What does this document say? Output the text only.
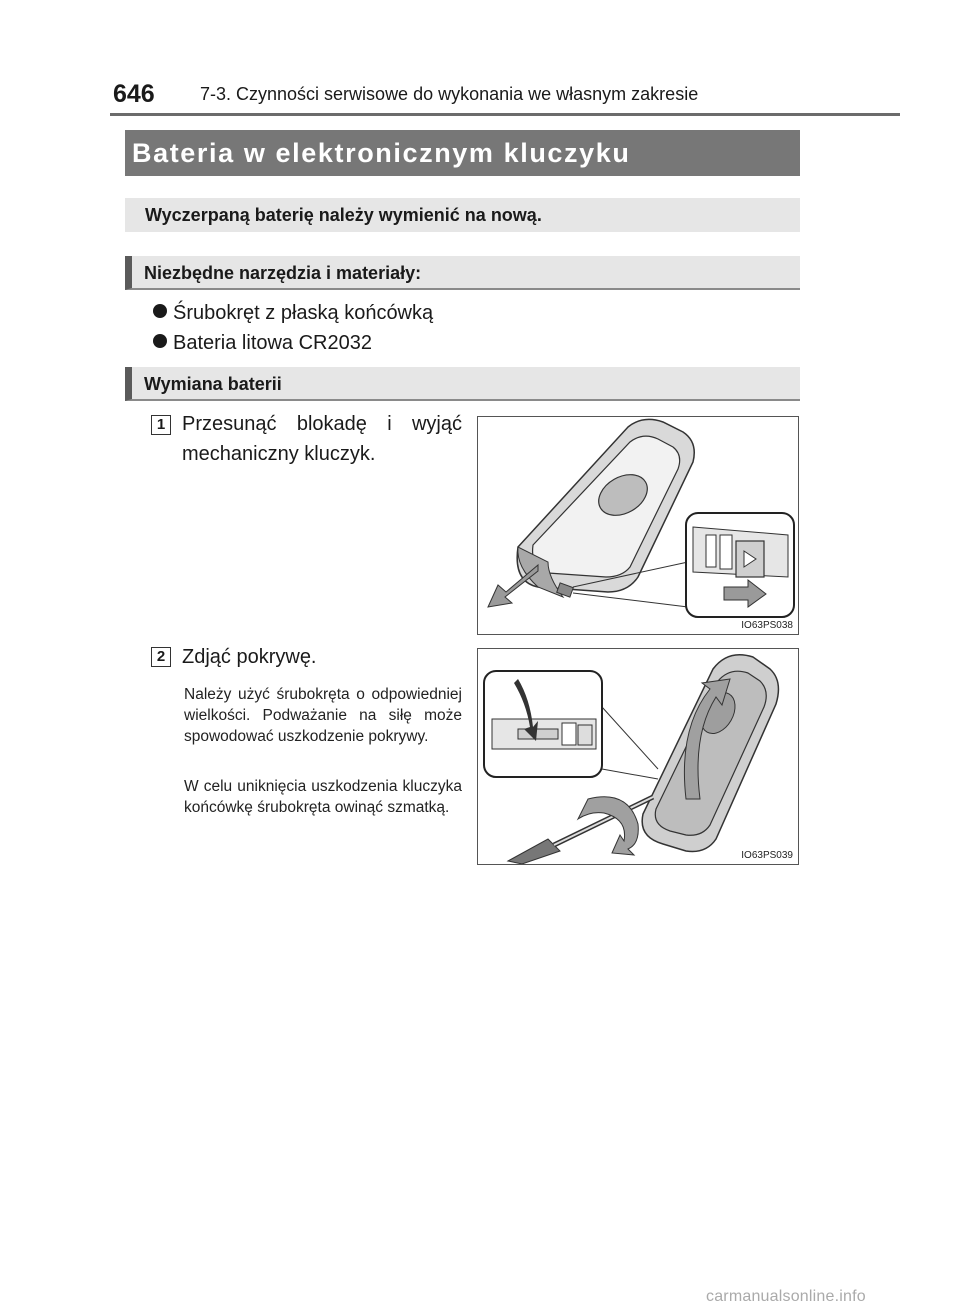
646	7-3. Czynności serwisowe do wykonania we własnym zakresie
Bateria w elektronicznym kluczyku
Wyczerpaną baterię należy wymienić na nową.
Niezbędne narzędzia i materiały:
Śrubokręt z płaską końcówką
Bateria litowa CR2032
Wymiana baterii
1 Przesunąć blokadę i wyjąć mechaniczny kluczyk.
IO63PS038
2 Zdjąć pokrywę.
Należy użyć śrubokręta o odpowiedniej wielkości. Podważanie na siłę może spowodować uszkodzenie pokrywy.
W celu uniknięcia uszkodzenia kluczyka końcówkę śrubokręta owinąć szmatką.
IO63PS039
carmanualsonline.info
